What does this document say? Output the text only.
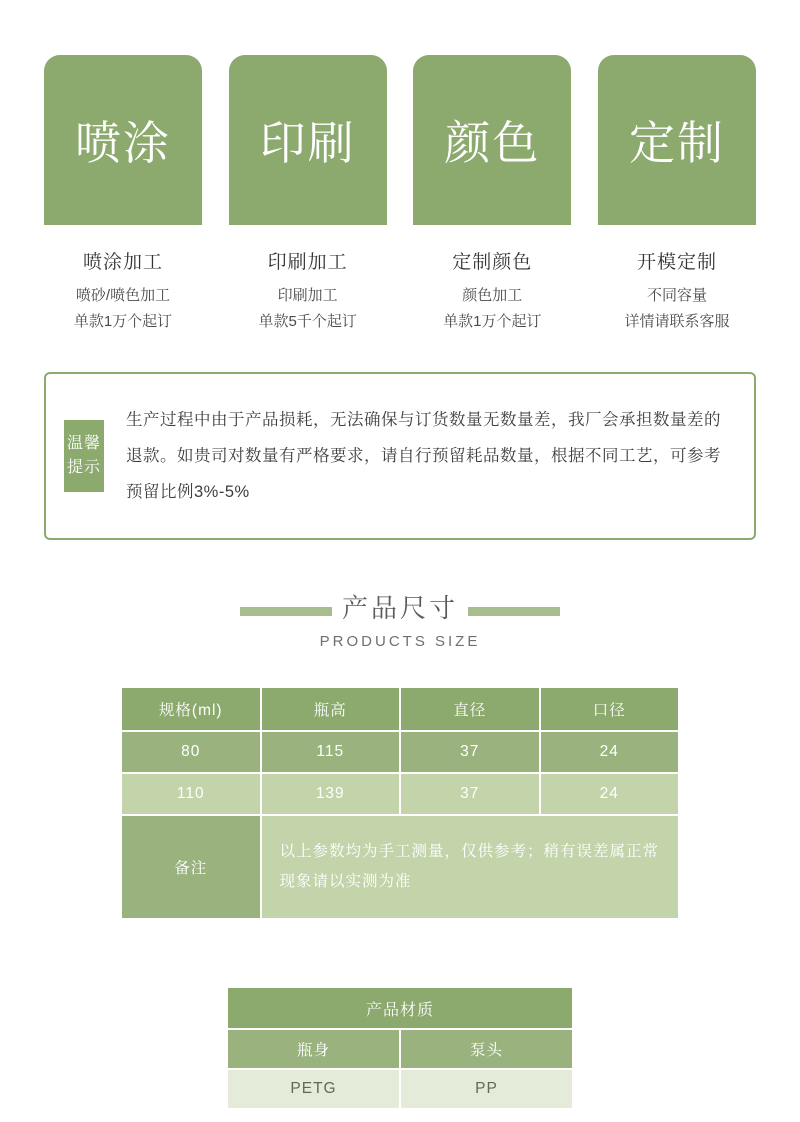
喷涂
喷涂加工
喷砂/喷色加工
单款1万个起订
印刷
印刷加工
印刷加工
单款5千个起订
颜色
定制颜色
颜色加工
单款1万个起订
定制
开模定制
不同容量
详情请联系客服
温馨提示
生产过程中由于产品损耗，无法确保与订货数量无数量差，我厂会承担数量差的退款。如贵司对数量有严格要求，请自行预留耗品数量，根据不同工艺，可参考预留比例3%-5%
产品尺寸
PRODUCTS SIZE
规格(ml)	瓶高	直径	口径
80	115	37	24
110	139	37	24
备注	以上参数均为手工测量，仅供参考；稍有误差属正常现象请以实测为准		
产品材质	
瓶身	泵头
PETG	PP
